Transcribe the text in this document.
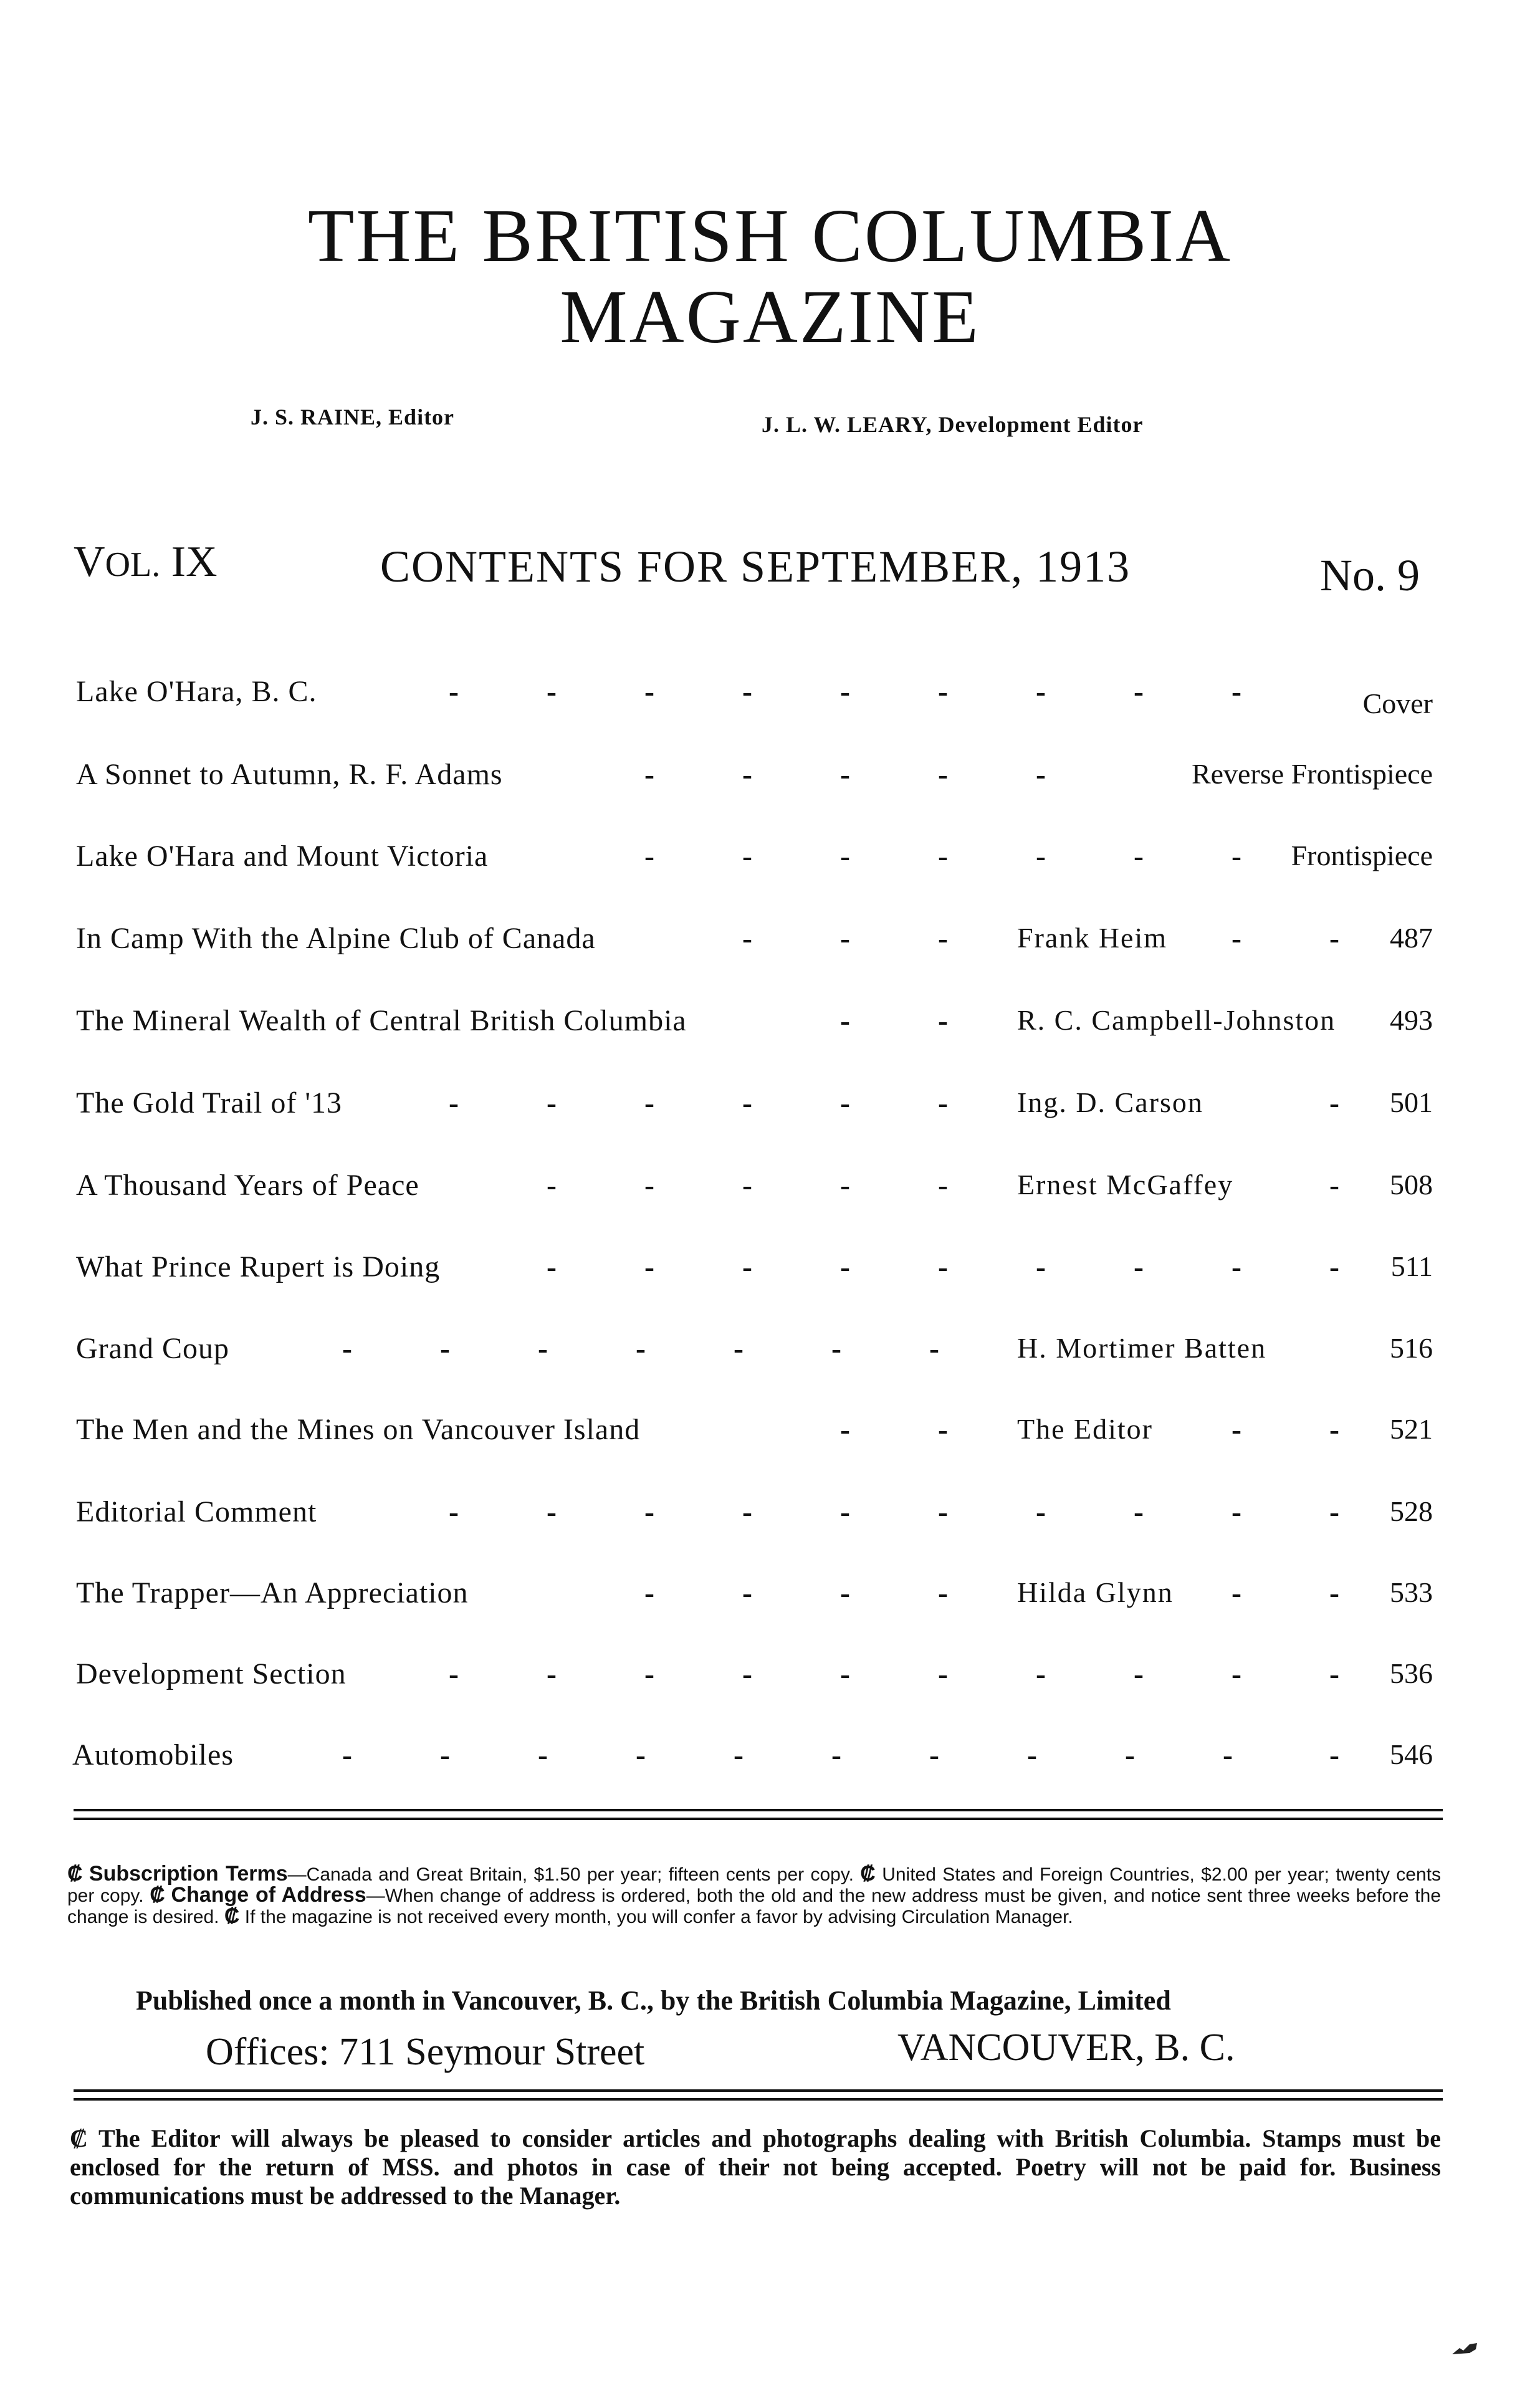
THE BRITISH COLUMBIA
MAGAZINE
J. S. RAINE, Editor	J. L. W. LEARY, Development Editor
VOL. IX	CONTENTS FOR SEPTEMBER, 1913	No. 9
Lake O'Hara, B. C.	-	-	-	-	-	-	-	-	-	Cover
A Sonnet to Autumn, R. F. Adams	-	-	-	-	-	Reverse Frontispiece
Lake O'Hara and Mount Victoria	-	-	-	-	-	-	- Frontispiece
In Camp With the Alpine Club of Canada	-	-	- Frank Heim -	- 487
The Mineral Wealth of Central British Columbia	-	- R. C. Campbell-Johnston 493
The Gold Trail of '13	-	-	-	-	-	- Ing. D. Carson	- 501
A Thousand Years of Peace	-	-	-	-	- Ernest McGaffey	- 508
What Prince Rupert is Doing	-	-	-	-	-	-	-	-	- 511
Grand Coup	-	-	-	-	-	-	-	H. Mortimer Batten	516
The Men and the Mines on Vancouver Island	-	- The Editor	-	- 521
Editorial Comment	-	-	-	-	-	-	-	-	-	- 528
The Trapper—An Appreciation	-	-	-	- Hilda Glynn -	- 533
Development Section	-	-	-	-	-	-	-	-	-	- 536
Automobiles	-	-	-	-	-	-	-	-	-	-	- 546
₡ Subscription Terms—Canada and Great Britain, $1.50 per year; fifteen cents per copy. ₡ United States and Foreign Countries, $2.00 per year; twenty cents per copy. ₡ Change of Address—When change of address is ordered, both the old and the new address must be given, and notice sent three weeks before the change is desired. ₡ If the magazine is not received every month, you will confer a favor by advising Circulation Manager.
Published once a month in Vancouver, B. C., by the British Columbia Magazine, Limited
Offices: 711 Seymour Street	VANCOUVER, B. C.
₡ The Editor will always be pleased to consider articles and photographs dealing with British Columbia. Stamps must be enclosed for the return of MSS. and photos in case of their not being accepted. Poetry will not be paid for. Business communications must be addressed to the Manager.
